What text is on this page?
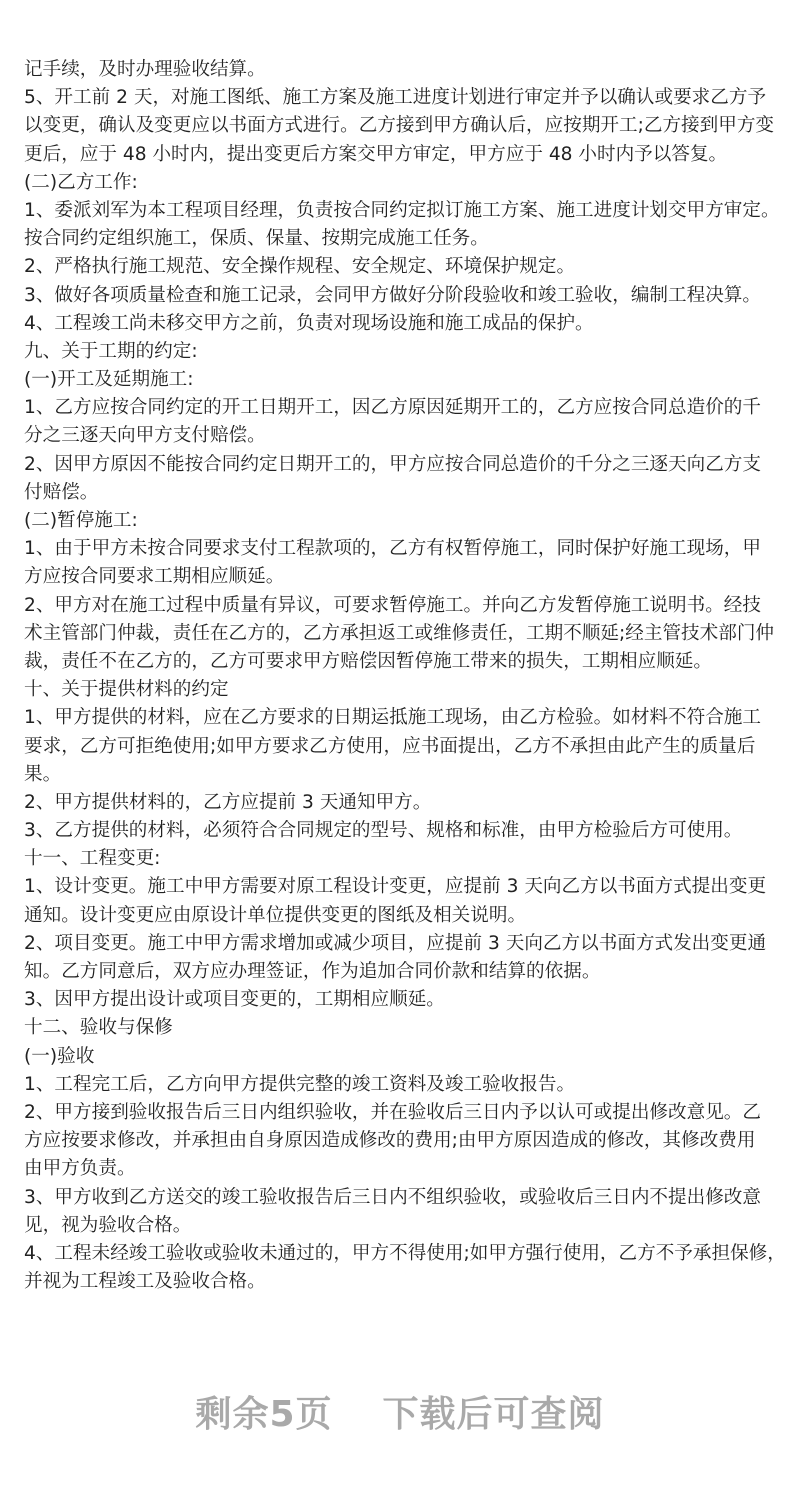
记手续，及时办理验收结算。
5、开工前 2 天，对施工图纸、施工方案及施工进度计划进行审定并予以确认或要求乙方予
以变更，确认及变更应以书面方式进行。乙方接到甲方确认后，应按期开工;乙方接到甲方变
更后，应于 48 小时内，提出变更后方案交甲方审定，甲方应于 48 小时内予以答复。
(二)乙方工作:
1、委派刘军为本工程项目经理，负责按合同约定拟订施工方案、施工进度计划交甲方审定。
按合同约定组织施工，保质、保量、按期完成施工任务。
2、严格执行施工规范、安全操作规程、安全规定、环境保护规定。
3、做好各项质量检查和施工记录，会同甲方做好分阶段验收和竣工验收，编制工程决算。
4、工程竣工尚未移交甲方之前，负责对现场设施和施工成品的保护。
九、关于工期的约定:
(一)开工及延期施工:
1、乙方应按合同约定的开工日期开工，因乙方原因延期开工的，乙方应按合同总造价的千
分之三逐天向甲方支付赔偿。
2、因甲方原因不能按合同约定日期开工的，甲方应按合同总造价的千分之三逐天向乙方支
付赔偿。
(二)暂停施工:
1、由于甲方未按合同要求支付工程款项的，乙方有权暂停施工，同时保护好施工现场，甲
方应按合同要求工期相应顺延。
2、甲方对在施工过程中质量有异议，可要求暂停施工。并向乙方发暂停施工说明书。经技
术主管部门仲裁，责任在乙方的，乙方承担返工或维修责任，工期不顺延;经主管技术部门仲
裁，责任不在乙方的，乙方可要求甲方赔偿因暂停施工带来的损失，工期相应顺延。
十、关于提供材料的约定
1、甲方提供的材料，应在乙方要求的日期运抵施工现场，由乙方检验。如材料不符合施工
要求，乙方可拒绝使用;如甲方要求乙方使用，应书面提出，乙方不承担由此产生的质量后
果。
2、甲方提供材料的，乙方应提前 3 天通知甲方。
3、乙方提供的材料，必须符合合同规定的型号、规格和标准，由甲方检验后方可使用。
十一、工程变更:
1、设计变更。施工中甲方需要对原工程设计变更，应提前 3 天向乙方以书面方式提出变更
通知。设计变更应由原设计单位提供变更的图纸及相关说明。
2、项目变更。施工中甲方需求增加或减少项目，应提前 3 天向乙方以书面方式发出变更通
知。乙方同意后，双方应办理签证，作为追加合同价款和结算的依据。
3、因甲方提出设计或项目变更的，工期相应顺延。
十二、验收与保修
(一)验收
1、工程完工后，乙方向甲方提供完整的竣工资料及竣工验收报告。
2、甲方接到验收报告后三日内组织验收，并在验收后三日内予以认可或提出修改意见。乙
方应按要求修改，并承担由自身原因造成修改的费用;由甲方原因造成的修改，其修改费用
由甲方负责。
3、甲方收到乙方送交的竣工验收报告后三日内不组织验收，或验收后三日内不提出修改意
见，视为验收合格。
4、工程未经竣工验收或验收未通过的，甲方不得使用;如甲方强行使用，乙方不予承担保修，
并视为工程竣工及验收合格。
剩余5页 下载后可查阅
